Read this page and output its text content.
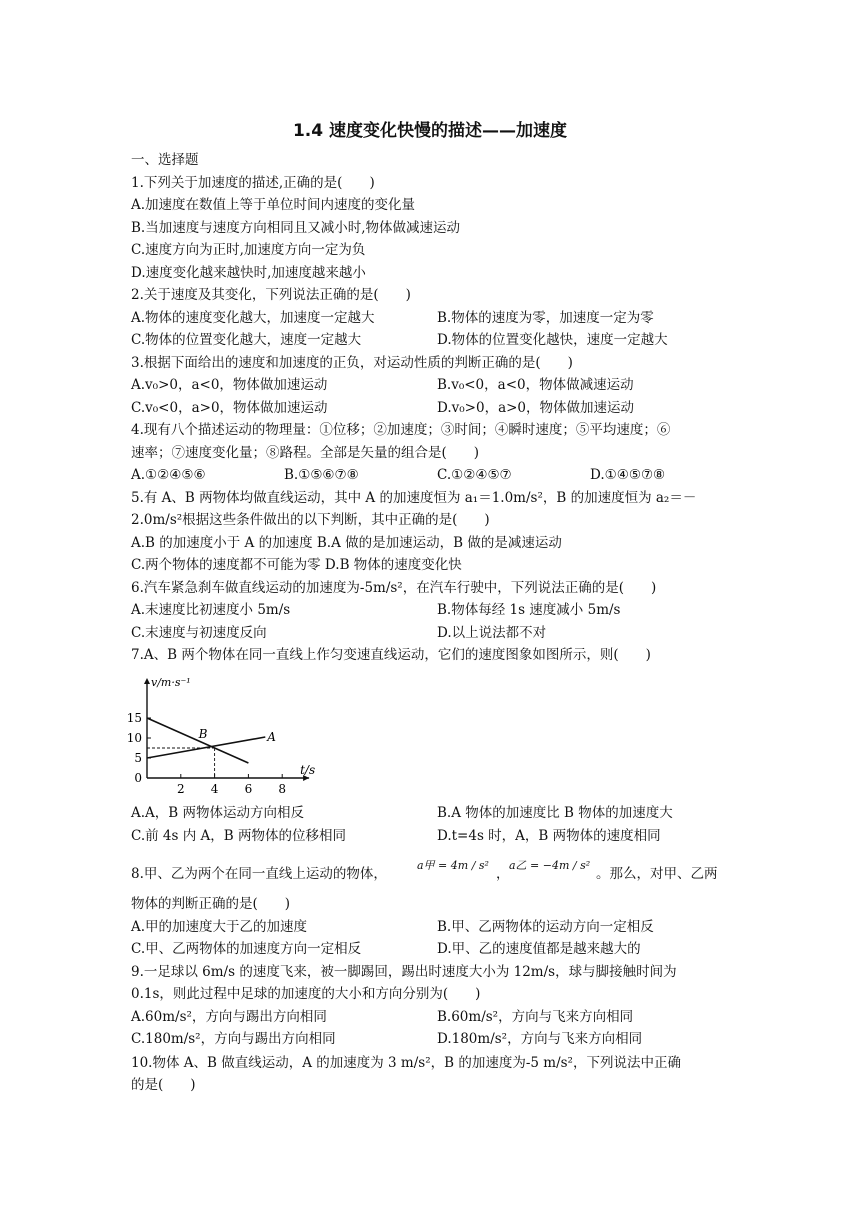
1.4 速度变化快慢的描述——加速度
一、选择题
1.下列关于加速度的描述,正确的是(　　)
A.加速度在数值上等于单位时间内速度的变化量
B.当加速度与速度方向相同且又减小时,物体做减速运动
C.速度方向为正时,加速度方向一定为负
D.速度变化越来越快时,加速度越来越小
2.关于速度及其变化，下列说法正确的是(　　)
A.物体的速度变化越大，加速度一定越大	B.物体的速度为零，加速度一定为零
C.物体的位置变化越大，速度一定越大	D.物体的位置变化越快，速度一定越大
3.根据下面给出的速度和加速度的正负，对运动性质的判断正确的是(　　)
A.v₀>0，a<0，物体做加速运动	B.v₀<0，a<0，物体做减速运动
C.v₀<0，a>0，物体做加速运动	D.v₀>0，a>0，物体做加速运动
4.现有八个描述运动的物理量：①位移；②加速度；③时间；④瞬时速度；⑤平均速度；⑥
速率；⑦速度变化量；⑧路程。全部是矢量的组合是(　　)
A.①②④⑤⑥	B.①⑤⑥⑦⑧	C.①②④⑤⑦	D.①④⑤⑦⑧
5.有 A、B 两物体均做直线运动，其中 A 的加速度恒为 a₁＝1.0m/s²，B 的加速度恒为 a₂＝－
2.0m/s²根据这些条件做出的以下判断，其中正确的是(　　)
A.B 的加速度小于 A 的加速度 B.A 做的是加速运动，B 做的是减速运动
C.两个物体的速度都不可能为零 D.B 物体的速度变化快
6.汽车紧急刹车做直线运动的加速度为-5m/s²，在汽车行驶中，下列说法正确的是(　　)
A.末速度比初速度小 5m/s	B.物体每经 1s 速度减小 5m/s
C.末速度与初速度反向	D.以上说法都不对
7.A、B 两个物体在同一直线上作匀变速直线运动，它们的速度图象如图所示，则(　　)
2 4 6 8
0
5
10
15
v/m·s⁻¹
t/s
A
B
A.A，B 两物体运动方向相反	B.A 物体的加速度比 B 物体的加速度大
C.前 4s 内 A，B 两物体的位移相同	D.t=4s 时，A，B 两物体的速度相同
8.甲、乙为两个在同一直线上运动的物体，
a甲 = 4m / s²
，
a乙 = −4m / s²
。那么，对甲、乙两
物体的判断正确的是(　　)
A.甲的加速度大于乙的加速度	B.甲、乙两物体的运动方向一定相反
C.甲、乙两物体的加速度方向一定相反	D.甲、乙的速度值都是越来越大的
9.一足球以 6m/s 的速度飞来，被一脚踢回，踢出时速度大小为 12m/s，球与脚接触时间为
0.1s，则此过程中足球的加速度的大小和方向分别为(　　)
A.60m/s²，方向与踢出方向相同	B.60m/s²，方向与飞来方向相同
C.180m/s²，方向与踢出方向相同	D.180m/s²，方向与飞来方向相同
10.物体 A、B 做直线运动，A 的加速度为 3 m/s²，B 的加速度为-5 m/s²，下列说法中正确
的是(　　)
